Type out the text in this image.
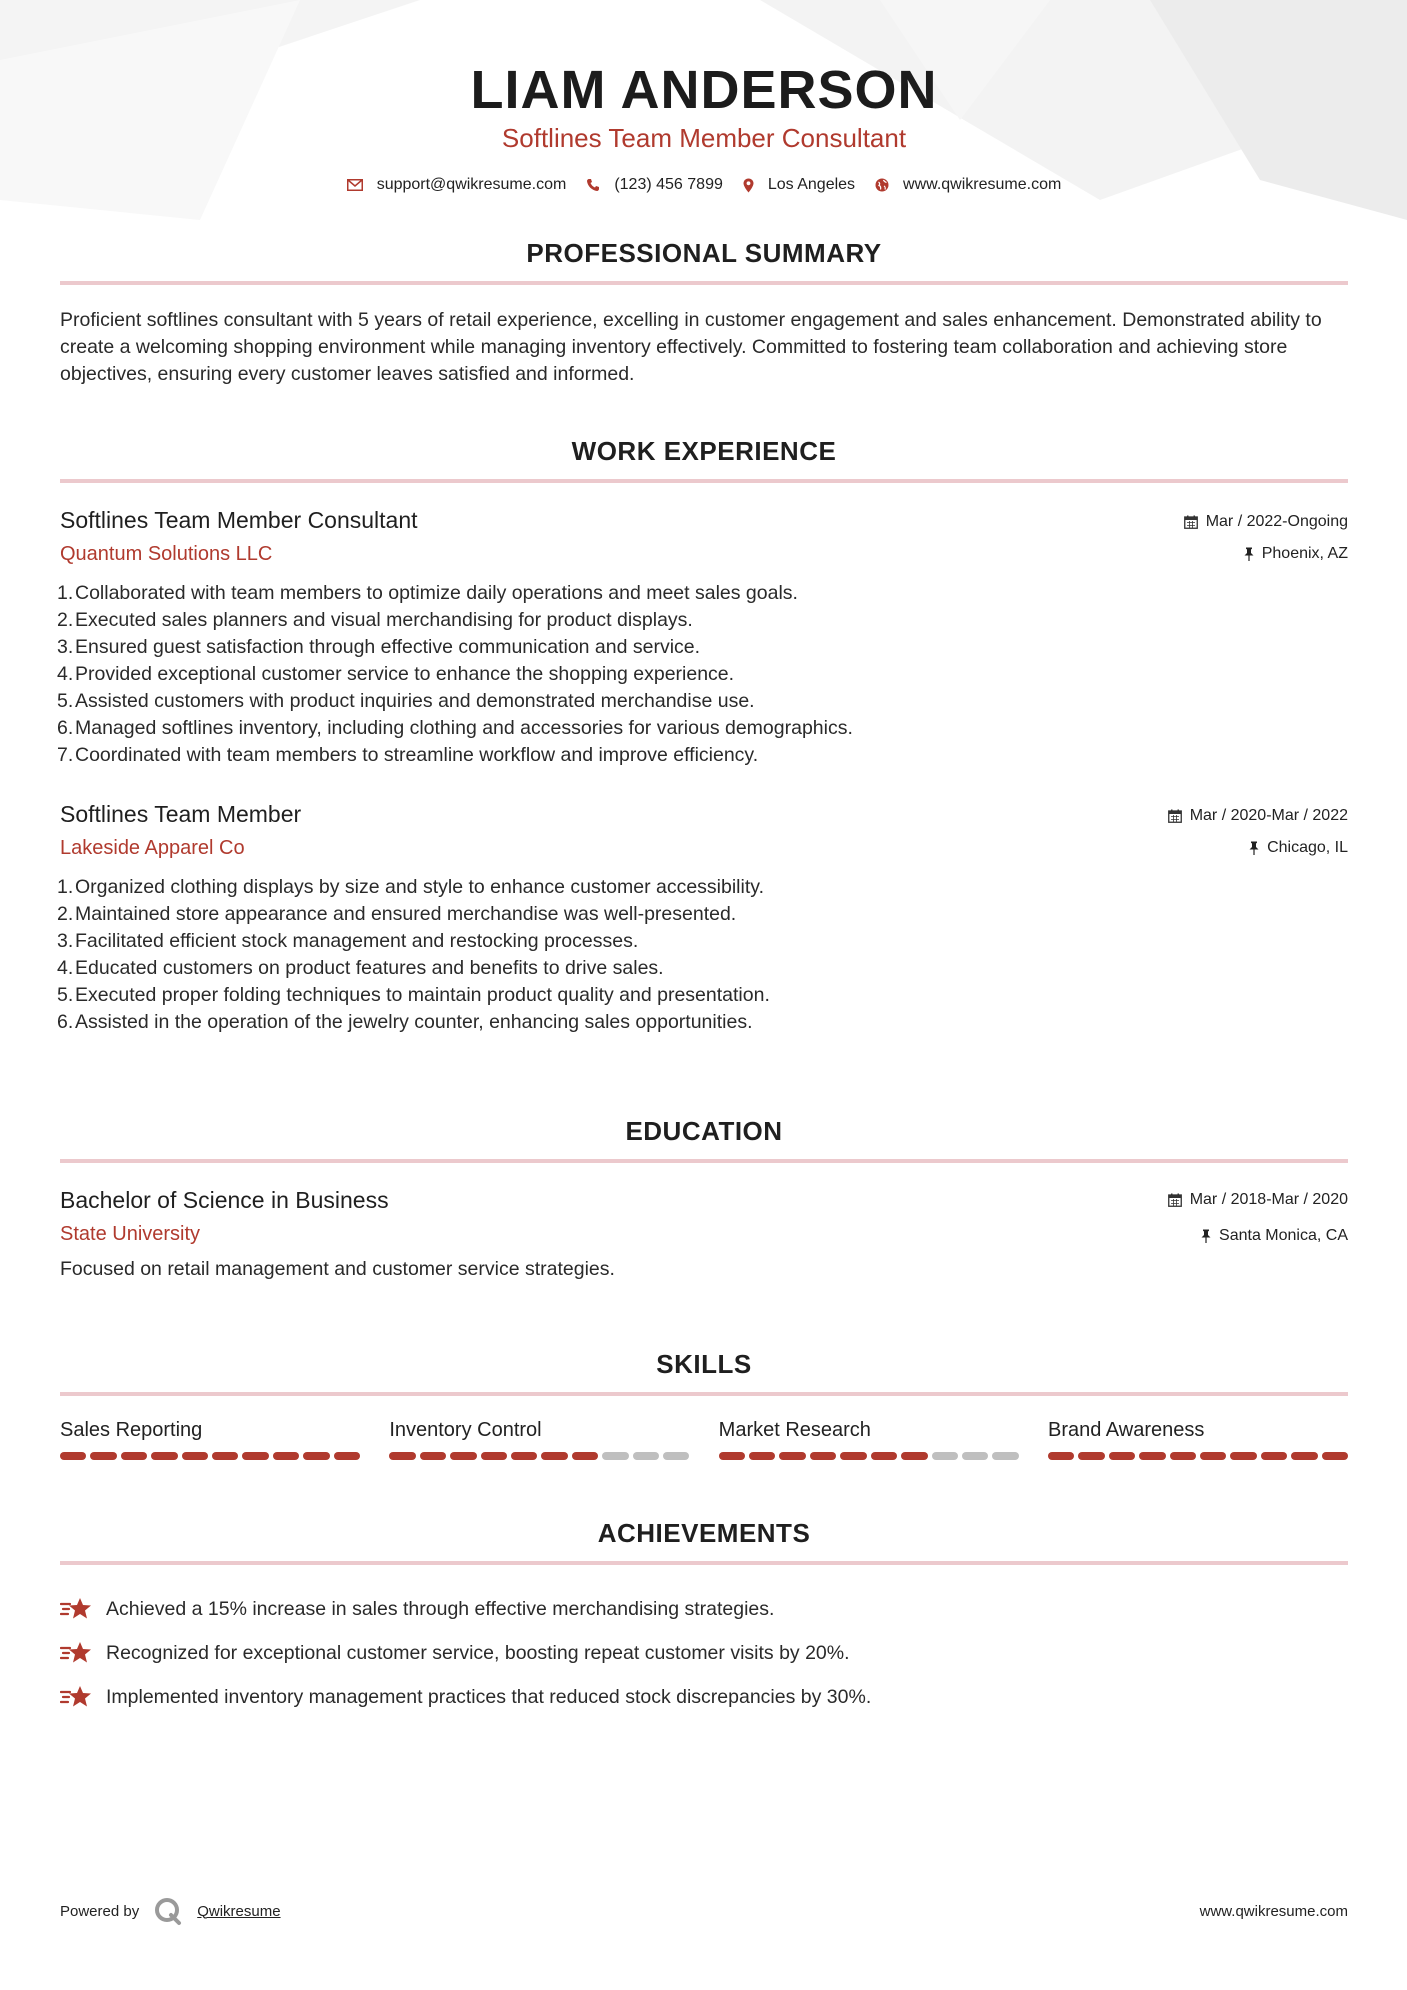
LIAM ANDERSON
Softlines Team Member Consultant
support@qwikresume.com	(123) 456 7899	Los Angeles	www.qwikresume.com
PROFESSIONAL SUMMARY
Proficient softlines consultant with 5 years of retail experience, excelling in customer engagement and sales enhancement. Demonstrated ability to create a welcoming shopping environment while managing inventory effectively. Committed to fostering team collaboration and achieving store objectives, ensuring every customer leaves satisfied and informed.
WORK EXPERIENCE
Softlines Team Member Consultant
Quantum Solutions LLC
Mar / 2022-Ongoing
Phoenix, AZ
1. Collaborated with team members to optimize daily operations and meet sales goals.
2. Executed sales planners and visual merchandising for product displays.
3. Ensured guest satisfaction through effective communication and service.
4. Provided exceptional customer service to enhance the shopping experience.
5. Assisted customers with product inquiries and demonstrated merchandise use.
6. Managed softlines inventory, including clothing and accessories for various demographics.
7. Coordinated with team members to streamline workflow and improve efficiency.
Softlines Team Member
Lakeside Apparel Co
Mar / 2020-Mar / 2022
Chicago, IL
1. Organized clothing displays by size and style to enhance customer accessibility.
2. Maintained store appearance and ensured merchandise was well-presented.
3. Facilitated efficient stock management and restocking processes.
4. Educated customers on product features and benefits to drive sales.
5. Executed proper folding techniques to maintain product quality and presentation.
6. Assisted in the operation of the jewelry counter, enhancing sales opportunities.
EDUCATION
Bachelor of Science in Business
State University
Mar / 2018-Mar / 2020
Santa Monica, CA
Focused on retail management and customer service strategies.
SKILLS
Sales Reporting	Inventory Control	Market Research	Brand Awareness
ACHIEVEMENTS
Achieved a 15% increase in sales through effective merchandising strategies.
Recognized for exceptional customer service, boosting repeat customer visits by 20%.
Implemented inventory management practices that reduced stock discrepancies by 30%.
Powered by	Qwikresume	www.qwikresume.com
